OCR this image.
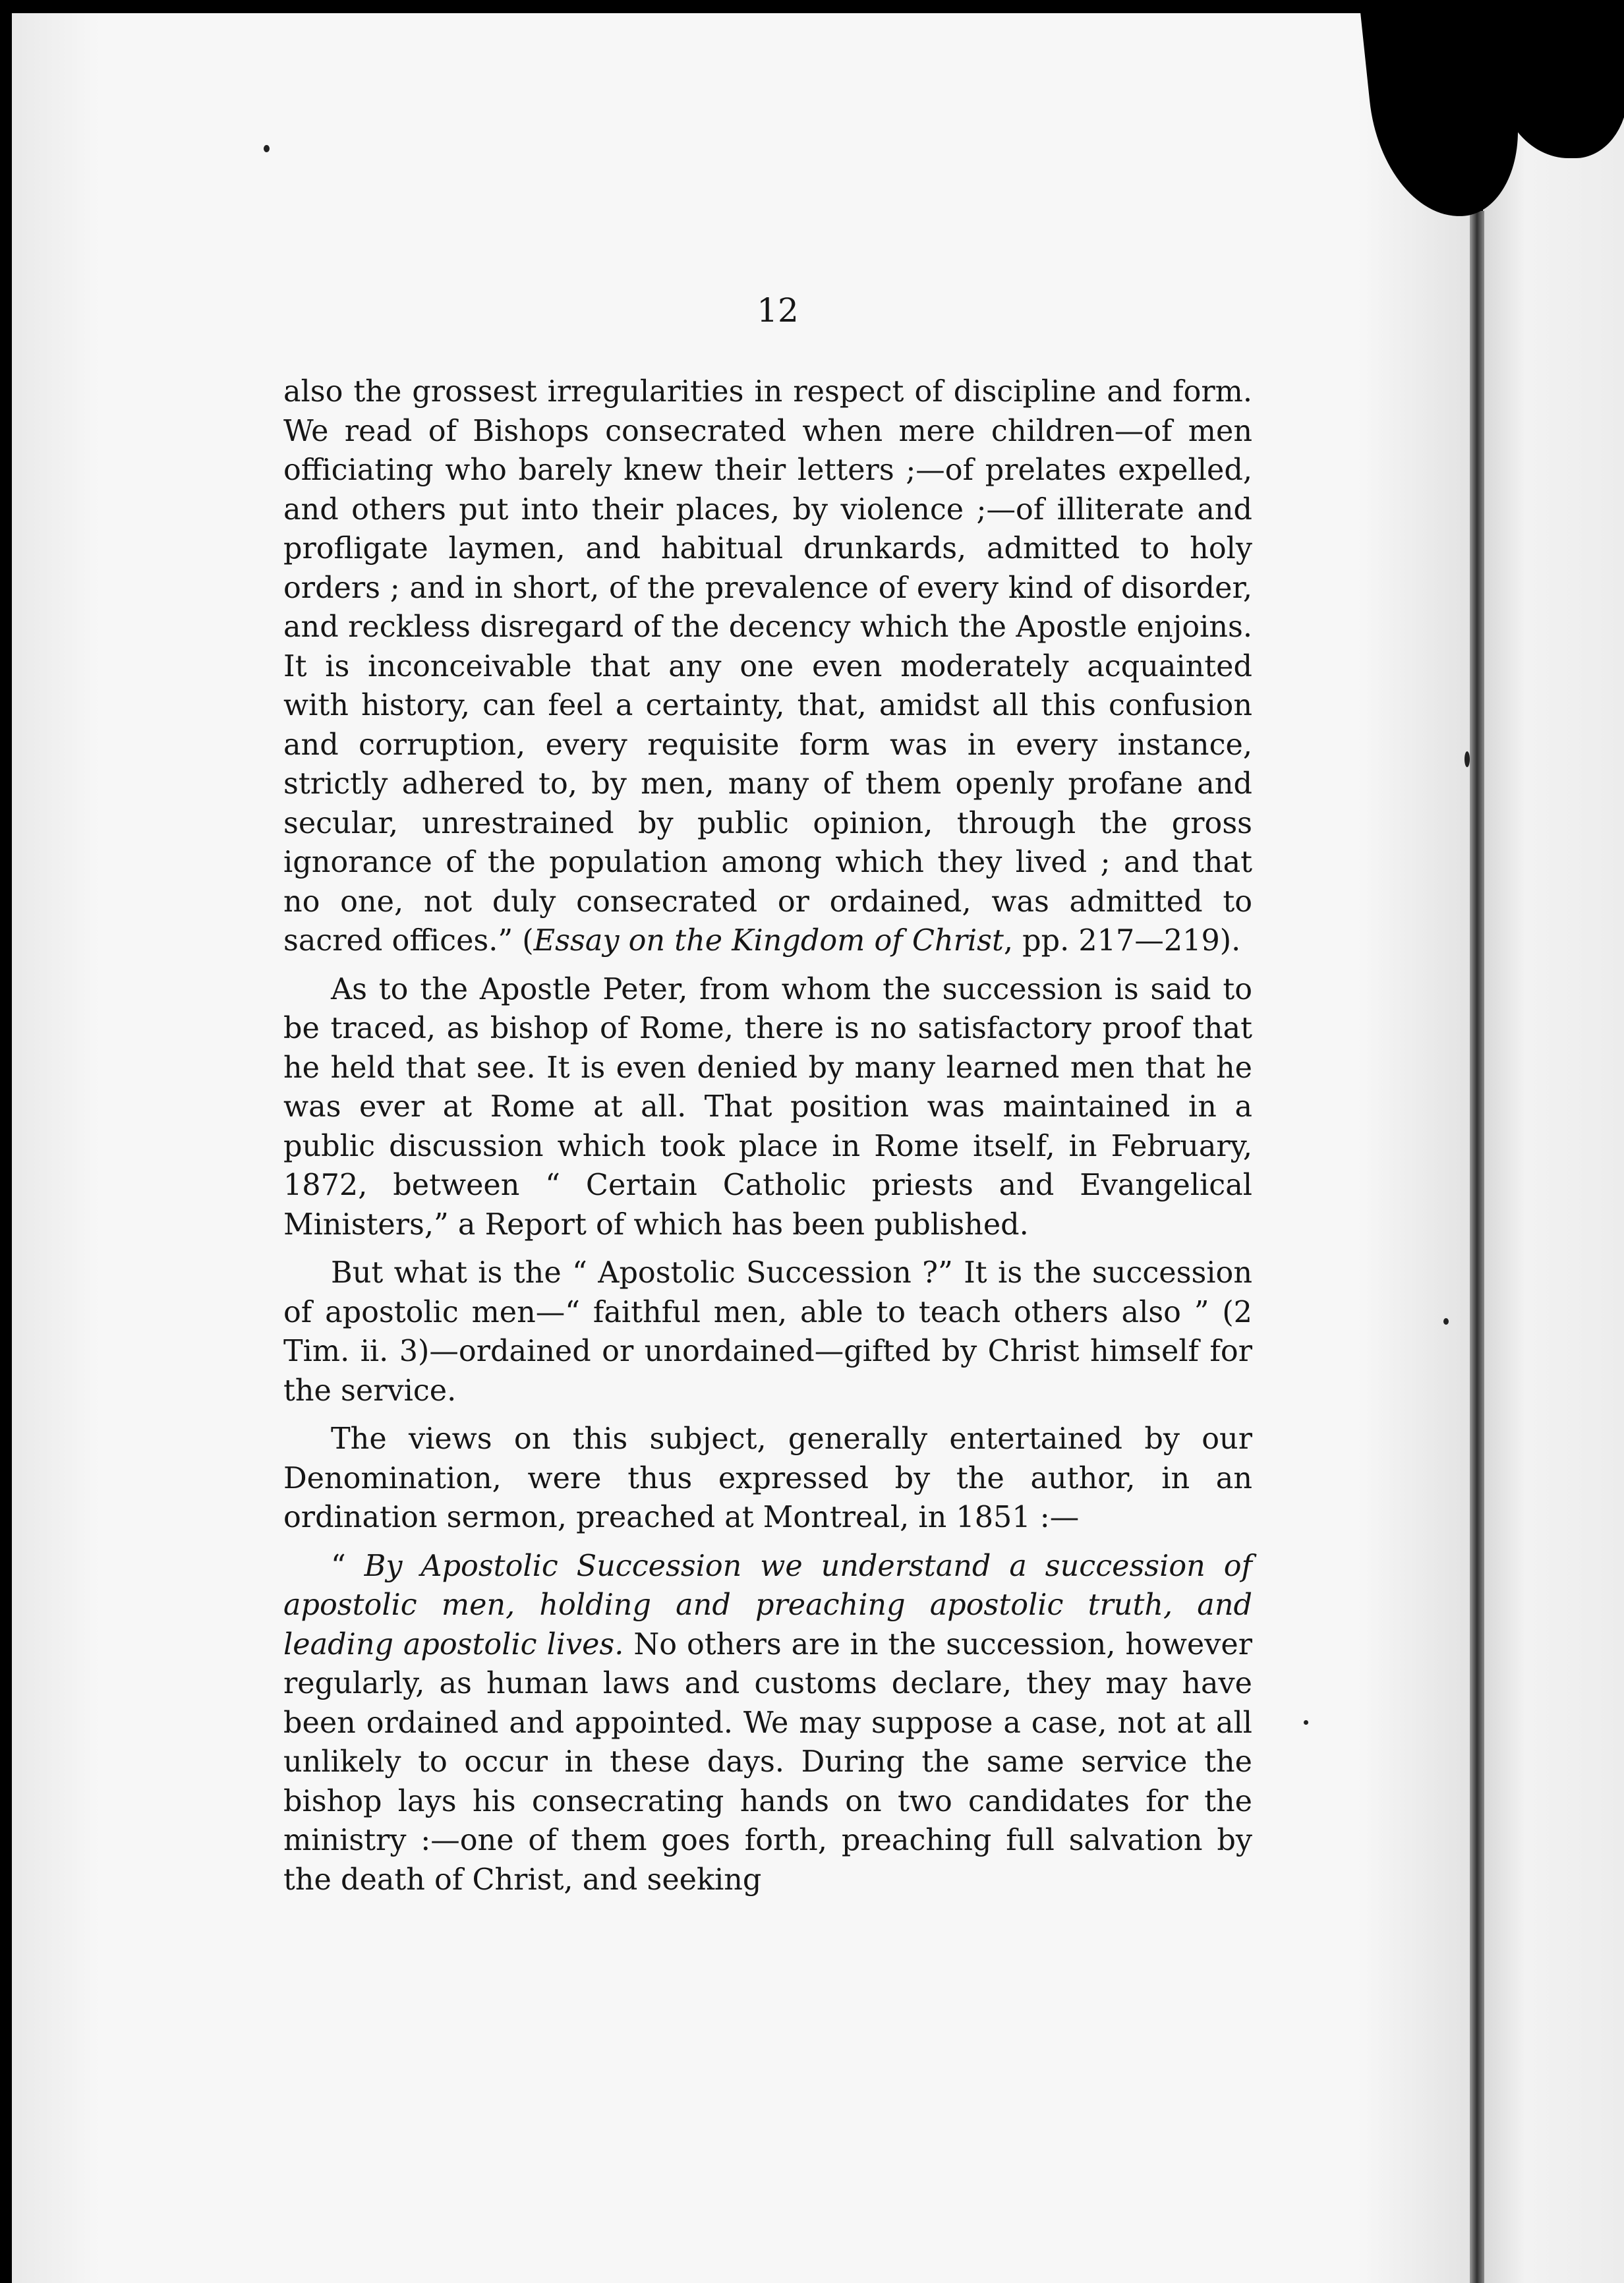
12

also the grossest irregularities in respect of discipline and form. We read of Bishops consecrated when mere children—of men officiating who barely knew their letters ;—of prelates expelled, and others put into their places, by violence ;—of illiterate and profligate laymen, and habitual drunkards, admitted to holy orders ; and in short, of the prevalence of every kind of disorder, and reckless disregard of the decency which the Apostle enjoins. It is inconceivable that any one even moderately acquainted with history, can feel a certainty, that, amidst all this confusion and corruption, every requisite form was in every instance, strictly adhered to, by men, many of them openly profane and secular, unrestrained by public opinion, through the gross ignorance of the population among which they lived ; and that no one, not duly consecrated or ordained, was admitted to sacred offices.” (Essay on the Kingdom of Christ, pp. 217—219).

As to the Apostle Peter, from whom the succession is said to be traced, as bishop of Rome, there is no satisfactory proof that he held that see. It is even denied by many learned men that he was ever at Rome at all. That position was maintained in a public discussion which took place in Rome itself, in February, 1872, between “ Certain Catholic priests and Evangelical Ministers,” a Report of which has been published.

But what is the “ Apostolic Succession ?” It is the succession of apostolic men—“ faithful men, able to teach others also ” (2 Tim. ii. 3)—ordained or unordained—gifted by Christ himself for the service.

The views on this subject, generally entertained by our Denomination, were thus expressed by the author, in an ordination sermon, preached at Montreal, in 1851 :—

“ By Apostolic Succession we understand a succession of apostolic men, holding and preaching apostolic truth, and leading apostolic lives. No others are in the succession, however regularly, as human laws and customs declare, they may have been ordained and appointed. We may suppose a case, not at all unlikely to occur in these days. During the same service the bishop lays his consecrating hands on two candidates for the ministry :—one of them goes forth, preaching full salvation by the death of Christ, and seeking
